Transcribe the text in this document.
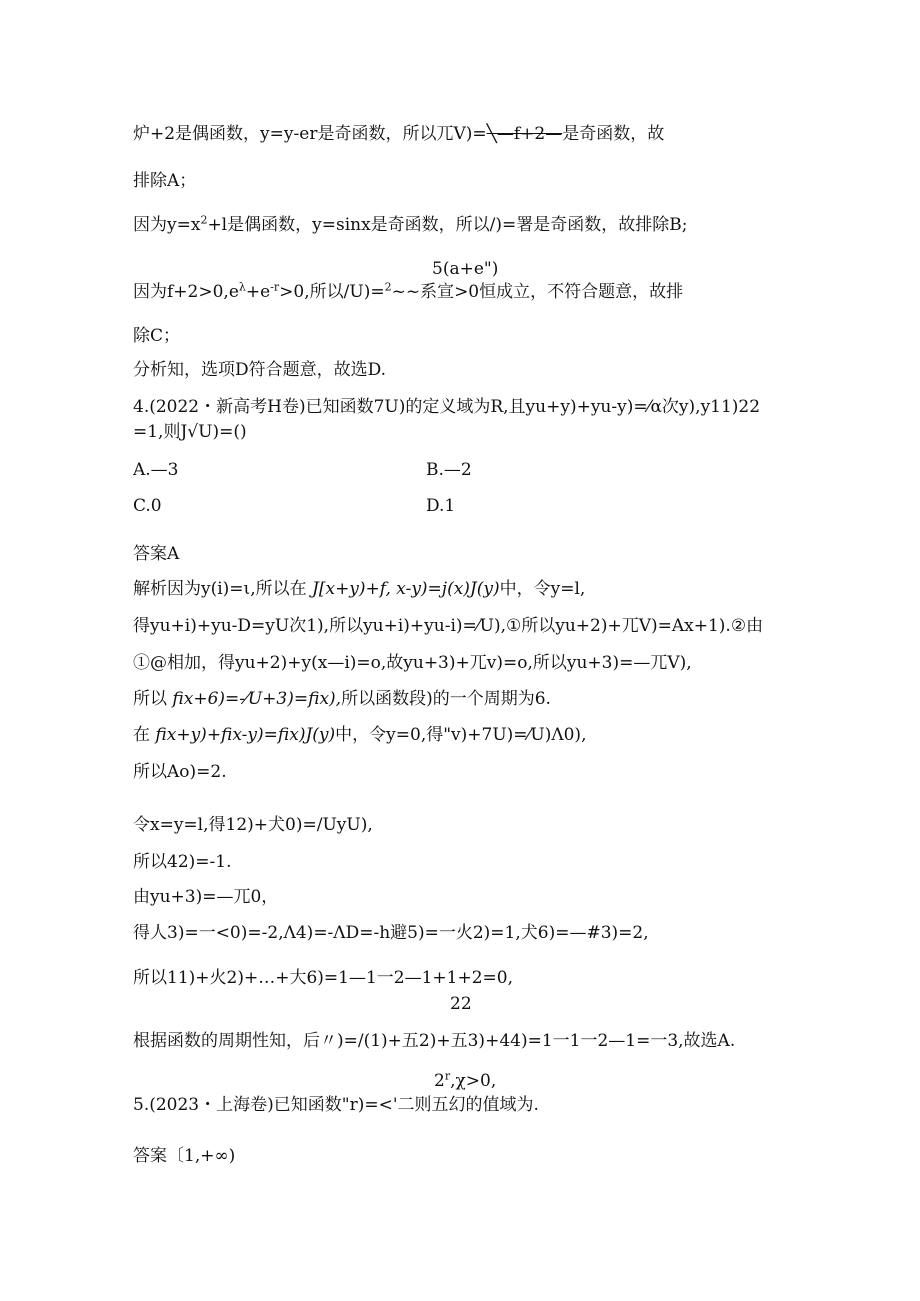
炉+2是偶函数，y=y-er是奇函数，所以兀V)=╲—f+2—是奇函数，故
排除A；
因为$y=x^2+l$是偶函数，y=sinx是奇函数，所以/)=署是奇函数，故排除B;
5(a+e")
因为$f+2>0,e^\lambda+e^{-r}>0$,所以/U)=$^2$~~系宣>0恒成立，不符合题意，故排
除C；
分析知，选项D符合题意，故选D.
4.(2022・新高考H卷)已知函数7U)的定义域为R,且yu+y)+yu-y)=⁄α次y),y11)22
=1,则J√U)=()
A.—3	B.—2
C.0	D.1
答案A
解析因为y(i)=ι,所以在 J[x+y)+f, x-y)=j(x)J(y)中，令y=l,
得yu+i)+yu-D=yU次1),所以yu+i)+yu-i)=⁄U),①所以yu+2)+兀V)=Ax+1).②由
①@相加，得yu+2)+y(x—i)=o,故yu+3)+兀v)=o,所以yu+3)=—兀V),
所以 fix+6)=-⁄U+3)=fix),所以函数段)的一个周期为6.
在 fix+y)+fix-y)=fix)J(y)中，令y=0,得"v)+7U)=⁄U)Λ0),
所以Ao)=2.
令x=y=l,得12)+犬0)=/UyU),
所以42)=-1.
由yu+3)=—兀0，
得人3)=一<0)=-2,Λ4)=-ΛD=-h避5)=一火2)=1,犬6)=—#3)=2,
所以11)+火2)+…+大6)=1—1一2—1+1+2=0,
22
根据函数的周期性知，后〃)=/(1)+五2)+五3)+44)=1一1一2—1=一3,故选A.
$2^r,\chi>0$,
5.(2023・上海卷)已知函数"r)=<'二则五幻的值域为.
答案〔1,+∞)
